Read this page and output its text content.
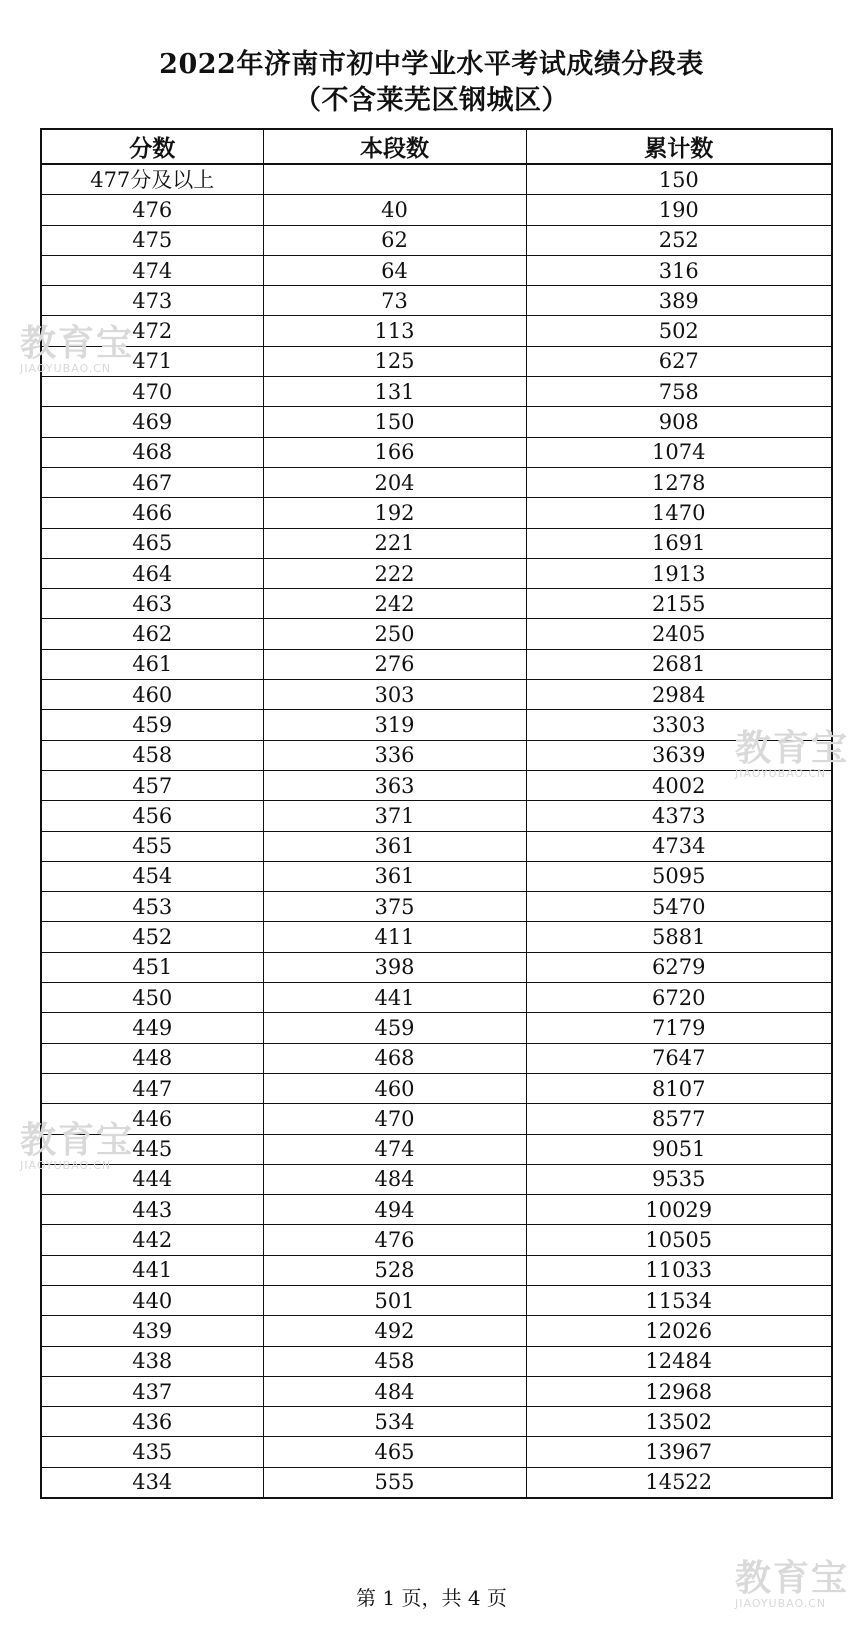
2022年济南市初中学业水平考试成绩分段表
（不含莱芜区钢城区）
分数	本段数	累计数
477分及以上		150
476	40	190
475	62	252
474	64	316
473	73	389
472	113	502
471	125	627
470	131	758
469	150	908
468	166	1074
467	204	1278
466	192	1470
465	221	1691
464	222	1913
463	242	2155
462	250	2405
461	276	2681
460	303	2984
459	319	3303
458	336	3639
457	363	4002
456	371	4373
455	361	4734
454	361	5095
453	375	5470
452	411	5881
451	398	6279
450	441	6720
449	459	7179
448	468	7647
447	460	8107
446	470	8577
445	474	9051
444	484	9535
443	494	10029
442	476	10505
441	528	11033
440	501	11534
439	492	12026
438	458	12484
437	484	12968
436	534	13502
435	465	13967
434	555	14522
第 1 页，共 4 页
教育宝
JIAOYUBAO.CN
教育宝
JIAOYUBAO.CN
教育宝
JIAOYUBAO.CN
教育宝
JIAOYUBAO.CN
